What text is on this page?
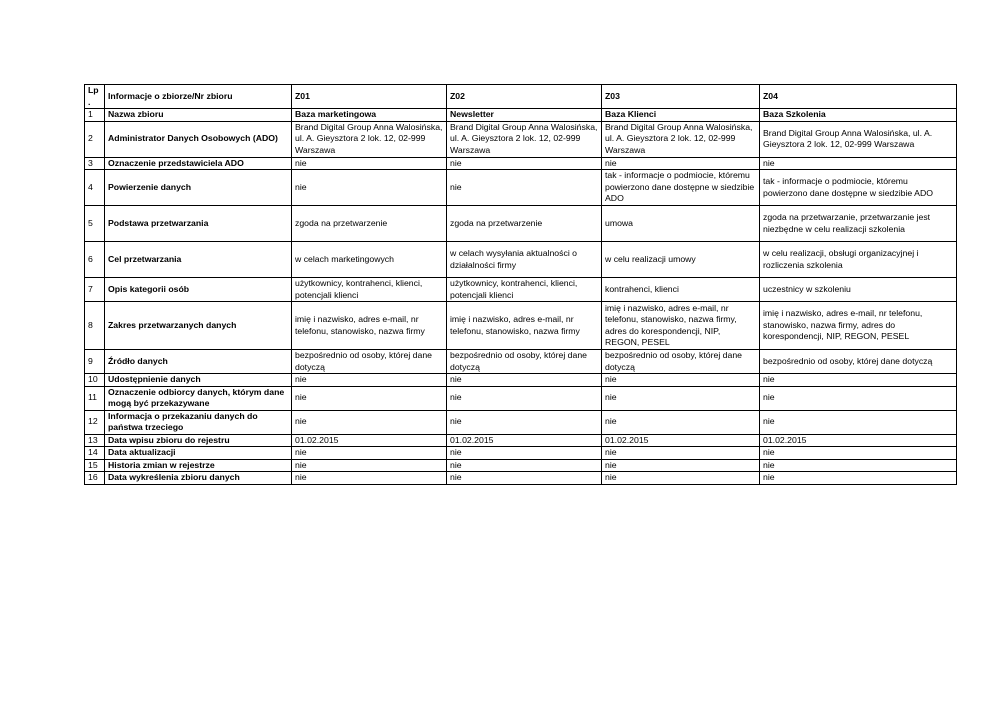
Lp.	Informacje o zbiorze/Nr zbioru	Z01	Z02	Z03	Z04
1	Nazwa zbioru	Baza marketingowa	Newsletter	Baza Klienci	Baza Szkolenia
2	Administrator Danych Osobowych (ADO)	Brand Digital Group Anna Walosińska, ul. A. Gieysztora 2 lok. 12, 02-999 Warszawa	Brand Digital Group Anna Walosińska, ul. A. Gieysztora 2 lok. 12, 02-999 Warszawa	Brand Digital Group Anna Walosińska, ul. A. Gieysztora 2 lok. 12, 02-999 Warszawa	Brand Digital Group Anna Walosińska, ul. A. Gieysztora 2 lok. 12, 02-999 Warszawa
3	Oznaczenie przedstawiciela ADO	nie	nie	nie	nie
4	Powierzenie danych	nie	nie	tak - informacje o podmiocie, któremu powierzono dane dostępne w siedzibie ADO	tak - informacje o podmiocie, któremu powierzono dane dostępne w siedzibie ADO
5	Podstawa przetwarzania	zgoda na przetwarzenie	zgoda na przetwarzenie	umowa	zgoda na przetwarzanie, przetwarzanie jest niezbędne w celu realizacji szkolenia
6	Cel przetwarzania	w celach marketingowych	w celach wysyłania aktualności o działalności firmy	w celu realizacji umowy	w celu realizacji, obsługi organizacyjnej i rozliczenia szkolenia
7	Opis kategorii osób	użytkownicy, kontrahenci, klienci, potencjali klienci	użytkownicy, kontrahenci, klienci, potencjali klienci	kontrahenci, klienci	uczestnicy w szkoleniu
8	Zakres przetwarzanych danych	imię i nazwisko, adres e-mail, nr telefonu, stanowisko, nazwa firmy	imię i nazwisko, adres e-mail, nr telefonu, stanowisko, nazwa firmy	imię i nazwisko, adres e-mail, nr telefonu, stanowisko, nazwa firmy, adres do korespondencji, NIP, REGON, PESEL	imię i nazwisko, adres e-mail, nr telefonu, stanowisko, nazwa firmy, adres do korespondencji, NIP, REGON, PESEL
9	Źródło danych	bezpośrednio od osoby, której dane dotyczą	bezpośrednio od osoby, której dane dotyczą	bezpośrednio od osoby, której dane dotyczą	bezpośrednio od osoby, której dane dotyczą
10	Udostępnienie danych	nie	nie	nie	nie
11	Oznaczenie odbiorcy danych, którym dane mogą być przekazywane	nie	nie	nie	nie
12	Informacja o przekazaniu danych do państwa trzeciego	nie	nie	nie	nie
13	Data wpisu zbioru do rejestru	01.02.2015	01.02.2015	01.02.2015	01.02.2015
14	Data aktualizacji	nie	nie	nie	nie
15	Historia zmian w rejestrze	nie	nie	nie	nie
16	Data wykreślenia zbioru danych	nie	nie	nie	nie
